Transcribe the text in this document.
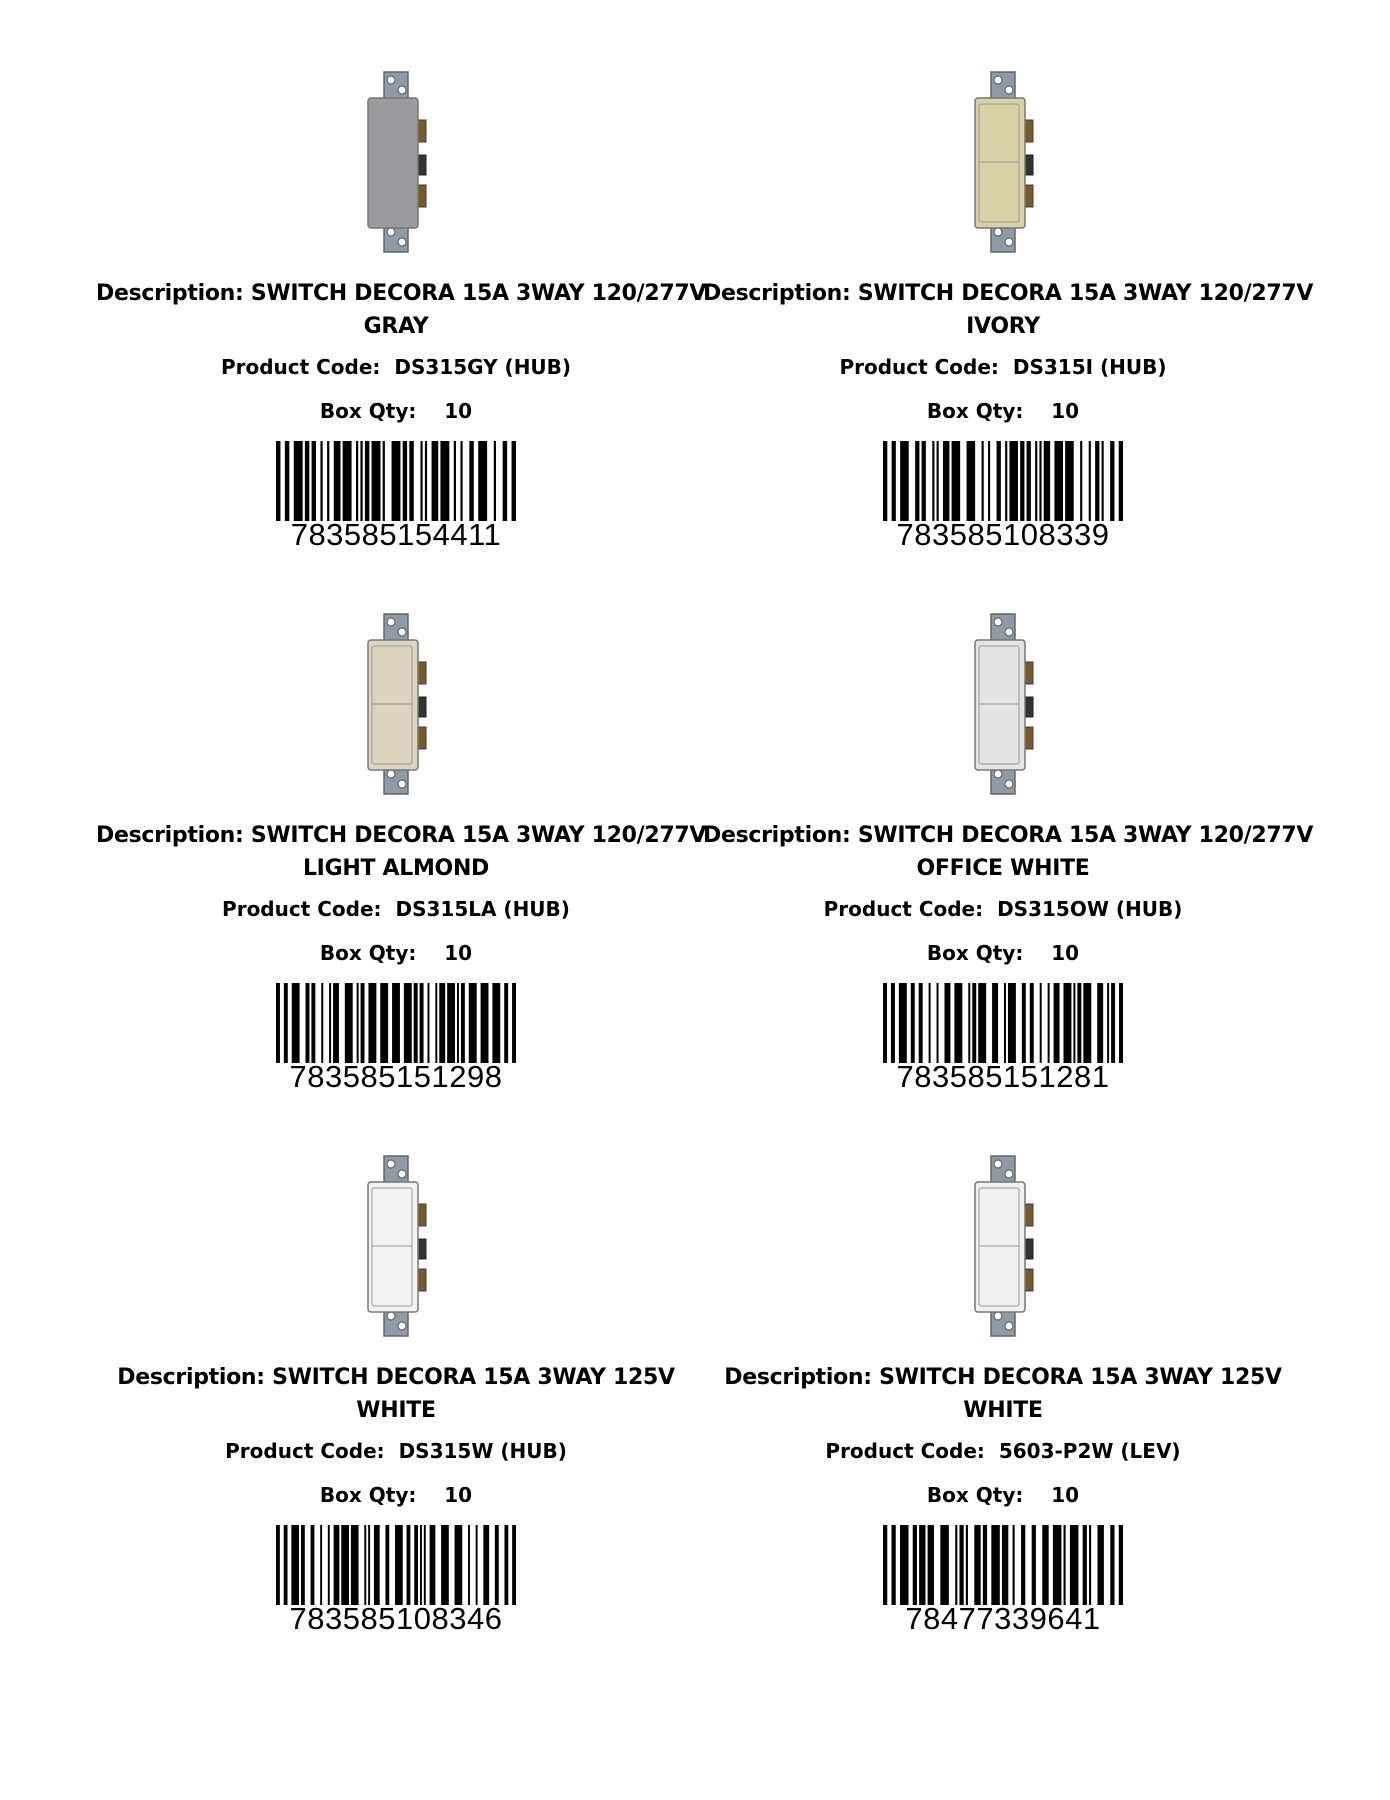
Description: SWITCH DECORA 15A 3WAY 120/277V
GRAY
Product Code: DS315GY (HUB)
Box Qty: 10
783585154411
Description: SWITCH DECORA 15A 3WAY 120/277V
IVORY
Product Code: DS315I (HUB)
Box Qty: 10
783585108339
Description: SWITCH DECORA 15A 3WAY 120/277V
LIGHT ALMOND
Product Code: DS315LA (HUB)
Box Qty: 10
783585151298
Description: SWITCH DECORA 15A 3WAY 120/277V
OFFICE WHITE
Product Code: DS315OW (HUB)
Box Qty: 10
783585151281
Description: SWITCH DECORA 15A 3WAY 125V
WHITE
Product Code: DS315W (HUB)
Box Qty: 10
783585108346
Description: SWITCH DECORA 15A 3WAY 125V
WHITE
Product Code: 5603-P2W (LEV)
Box Qty: 10
78477339641
